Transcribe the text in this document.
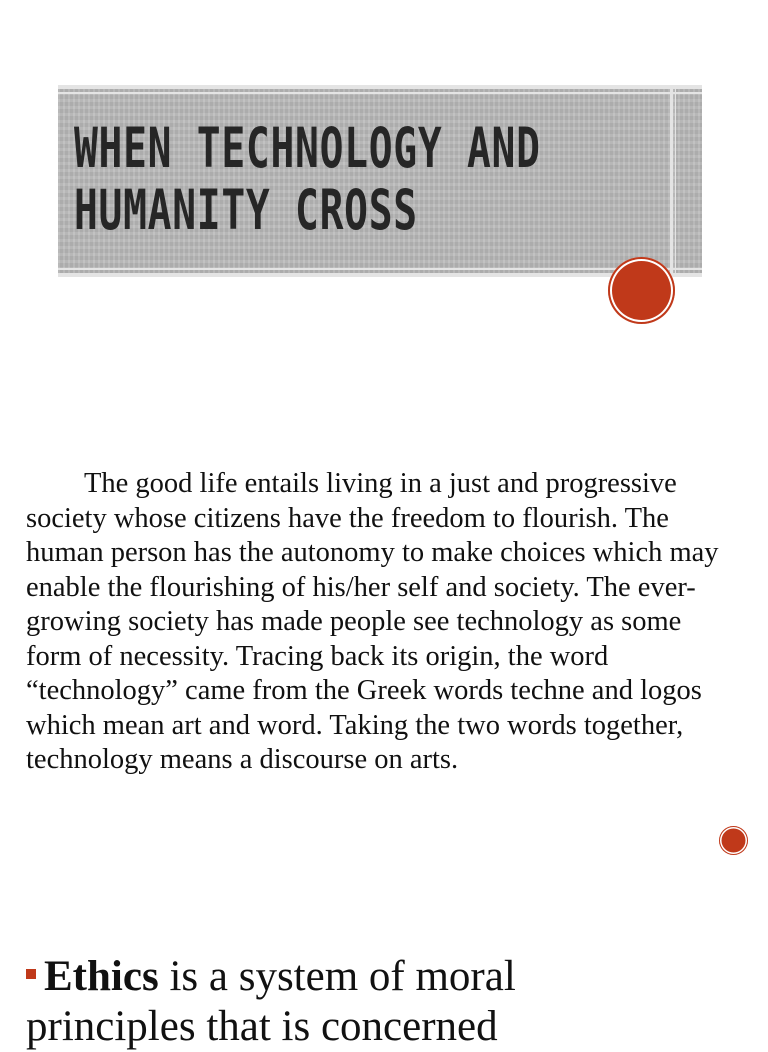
WHEN TECHNOLOGY AND
HUMANITY CROSS

The good life entails living in a just and progressive society whose citizens have the freedom to flourish. The human person has the autonomy to make choices which may enable the flourishing of his/her self and society. The ever-growing society has made people see technology as some form of necessity. Tracing back its origin, the word “technology” came from the Greek words techne and logos which mean art and word. Taking the two words together, technology means a discourse on arts.

Ethics is a system of moral
principles that is concerned
